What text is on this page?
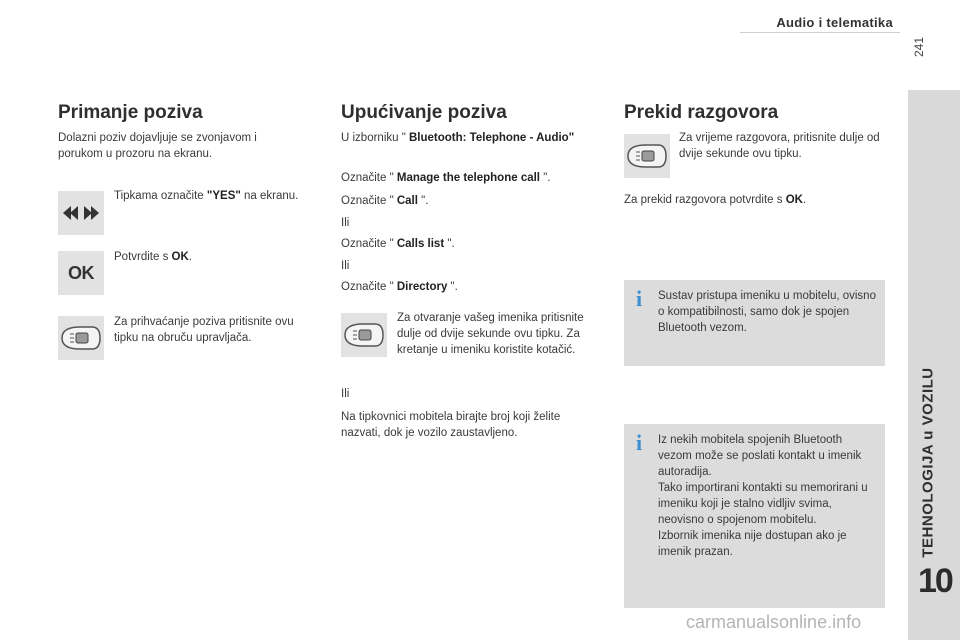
Audio i telematika
241
TEHNOLOGIJA u VOZILU
10
Primanje poziva
Dolazni poziv dojavljuje se zvonjavom i porukom u prozoru na ekranu.
Tipkama označite "YES" na ekranu.
OK
Potvrdite s OK.
Za prihvaćanje poziva pritisnite ovu tipku na obruču upravljača.
Upućivanje poziva
U izborniku " Bluetooth: Telephone - Audio"
Označite " Manage the telephone call ".
Označite " Call ".
Ili
Označite " Calls list ".
Ili
Označite " Directory ".
Za otvaranje vašeg imenika pritisnite dulje od dvije sekunde ovu tipku. Za kretanje u imeniku koristite kotačić.
Ili
Na tipkovnici mobitela birajte broj koji želite nazvati, dok je vozilo zaustavljeno.
Prekid razgovora
Za vrijeme razgovora, pritisnite dulje od dvije sekunde ovu tipku.
Za prekid razgovora potvrdite s OK.
i Sustav pristupa imeniku u mobitelu, ovisno o kompatibilnosti, samo dok je spojen Bluetooth vezom.
i Iz nekih mobitela spojenih Bluetooth vezom može se poslati kontakt u imenik autoradija.
Tako importirani kontakti su memorirani u imeniku koji je stalno vidljiv svima, neovisno o spojenom mobitelu.
Izbornik imenika nije dostupan ako je imenik prazan.
carmanualsonline.info
